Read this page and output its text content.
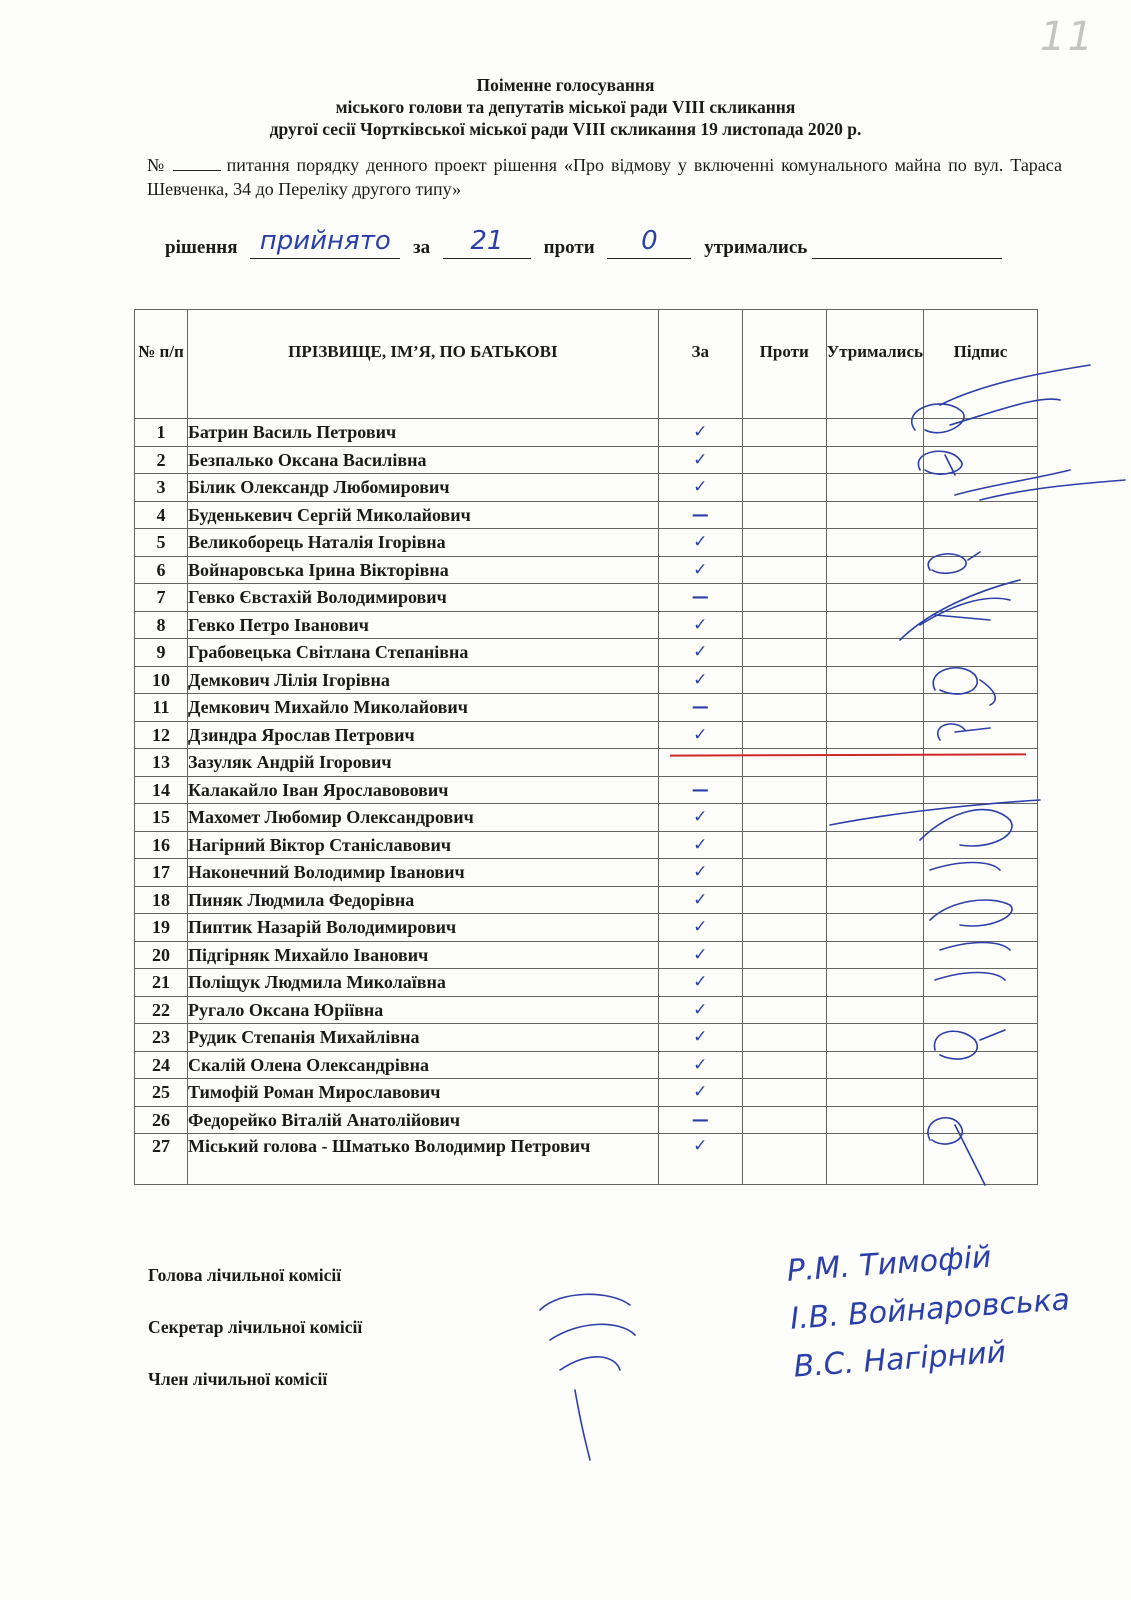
11
Поіменне голосування
міського голови та депутатів міської ради VIII скликання
другої сесії Чортківської міської ради VIII скликання 19 листопада 2020 р.
№	питання порядку денного проект рішення «Про відмову у включенні комунального майна по вул. Тараса Шевченка, 34 до Переліку другого типу»
рішення прийнято	за	21	проти	0	утримались
№ п/п	ПРІЗВИЩЕ, ІМ’Я, ПО БАТЬКОВІ	За	Проти	Утримались	Підпис
1	Батрин Василь Петрович	✓			
2	Безпалько Оксана Василівна	✓			
3	Білик Олександр Любомирович	✓			
4	Буденькевич Сергій Миколайович	—			
5	Великоборець Наталія Ігорівна	✓			
6	Войнаровська Ірина Вікторівна	✓			
7	Гевко Євстахій Володимирович	—			
8	Гевко Петро Іванович	✓			
9	Грабовецька Світлана Степанівна	✓			
10	Демкович Лілія Ігорівна	✓			
11	Демкович Михайло Миколайович	—			
12	Дзиндра Ярослав Петрович	✓			
13	Зазуляк Андрій Ігорович				
14	Калакайло Іван Ярославовович	—			
15	Махомет Любомир Олександрович	✓			
16	Нагірний Віктор Станіславович	✓			
17	Наконечний Володимир Іванович	✓			
18	Пиняк Людмила Федорівна	✓			
19	Пиптик Назарій Володимирович	✓			
20	Підгірняк Михайло Іванович	✓			
21	Поліщук Людмила Миколаївна	✓			
22	Ругало Оксана Юріївна	✓			
23	Рудик Степанія Михайлівна	✓			
24	Скалій Олена Олександрівна	✓			
25	Тимофій Роман Мирославович	✓			
26	Федорейко Віталій Анатолійович	—			
27	Міський голова - Шматько Володимир Петрович	✓			
Голова лічильної комісії
Секретар лічильної комісії
Член лічильної комісії
Р.М. Тимофій
І.В. Войнаровська
В.С. Нагірний
